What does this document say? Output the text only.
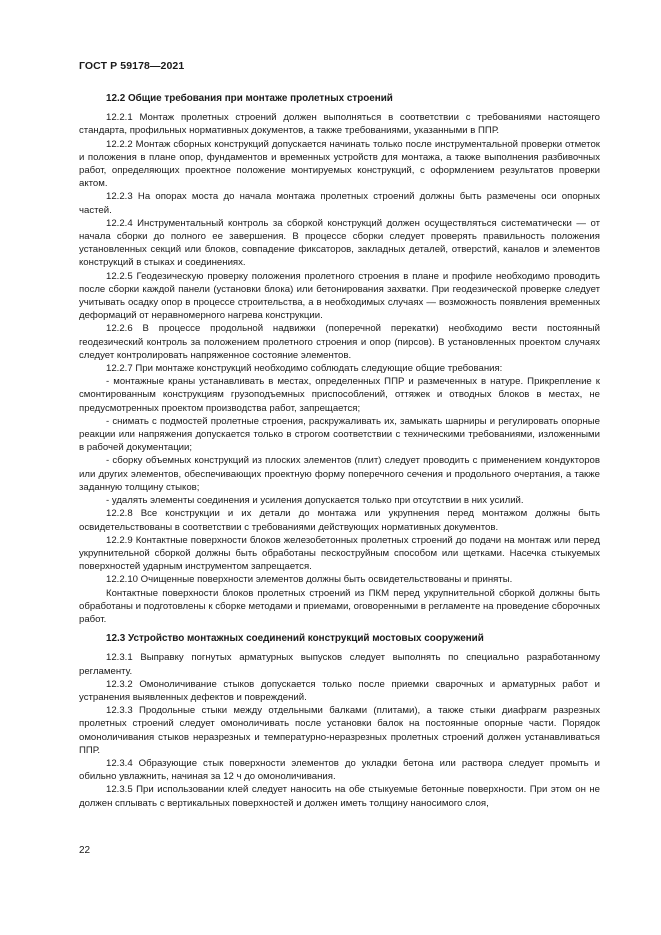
ГОСТ Р 59178—2021
12.2 Общие требования при монтаже пролетных строений

12.2.1 Монтаж пролетных строений должен выполняться в соответствии с требованиями настоящего стандарта, профильных нормативных документов, а также требованиями, указанными в ППР.

12.2.2 Монтаж сборных конструкций допускается начинать только после инструментальной проверки отметок и положения в плане опор, фундаментов и временных устройств для монтажа, а также выполнения разбивочных работ, определяющих проектное положение монтируемых конструкций, с оформлением результатов проверки актом.

12.2.3 На опорах моста до начала монтажа пролетных строений должны быть размечены оси опорных частей.

12.2.4 Инструментальный контроль за сборкой конструкций должен осуществляться систематически — от начала сборки до полного ее завершения. В процессе сборки следует проверять правильность положения установленных секций или блоков, совпадение фиксаторов, закладных деталей, отверстий, каналов и элементов конструкций в стыках и соединениях.

12.2.5 Геодезическую проверку положения пролетного строения в плане и профиле необходимо проводить после сборки каждой панели (установки блока) или бетонирования захватки. При геодезической проверке следует учитывать осадку опор в процессе строительства, а в необходимых случаях — возможность появления временных деформаций от неравномерного нагрева конструкции.

12.2.6 В процессе продольной надвижки (поперечной перекатки) необходимо вести постоянный геодезический контроль за положением пролетного строения и опор (пирсов). В установленных проектом случаях следует контролировать напряженное состояние элементов.

12.2.7 При монтаже конструкций необходимо соблюдать следующие общие требования:

- монтажные краны устанавливать в местах, определенных ППР и размеченных в натуре. Прикрепление к смонтированным конструкциям грузоподъемных приспособлений, оттяжек и отводных блоков в местах, не предусмотренных проектом производства работ, запрещается;

- снимать с подмостей пролетные строения, раскружаливать их, замыкать шарниры и регулировать опорные реакции или напряжения допускается только в строгом соответствии с техническими требованиями, изложенными в рабочей документации;

- сборку объемных конструкций из плоских элементов (плит) следует проводить с применением кондукторов или других элементов, обеспечивающих проектную форму поперечного сечения и продольного очертания, а также заданную толщину стыков;

- удалять элементы соединения и усиления допускается только при отсутствии в них усилий.

12.2.8 Все конструкции и их детали до монтажа или укрупнения перед монтажом должны быть освидетельствованы в соответствии с требованиями действующих нормативных документов.

12.2.9 Контактные поверхности блоков железобетонных пролетных строений до подачи на монтаж или перед укрупнительной сборкой должны быть обработаны пескоструйным способом или щетками. Насечка стыкуемых поверхностей ударным инструментом запрещается.

12.2.10 Очищенные поверхности элементов должны быть освидетельствованы и приняты.

Контактные поверхности блоков пролетных строений из ПКМ перед укрупнительной сборкой должны быть обработаны и подготовлены к сборке методами и приемами, оговоренными в регламенте на проведение сборочных работ.

12.3 Устройство монтажных соединений конструкций мостовых сооружений

12.3.1 Выправку погнутых арматурных выпусков следует выполнять по специально разработанному регламенту.

12.3.2 Омоноличивание стыков допускается только после приемки сварочных и арматурных работ и устранения выявленных дефектов и повреждений.

12.3.3 Продольные стыки между отдельными балками (плитами), а также стыки диафрагм разрезных пролетных строений следует омоноличивать после установки балок на постоянные опорные части. Порядок омоноличивания стыков неразрезных и температурно-неразрезных пролетных строений должен устанавливаться ППР.

12.3.4 Образующие стык поверхности элементов до укладки бетона или раствора следует промыть и обильно увлажнить, начиная за 12 ч до омоноличивания.

12.3.5 При использовании клей следует наносить на обе стыкуемые бетонные поверхности. При этом он не должен сплывать с вертикальных поверхностей и должен иметь толщину наносимого слоя,

22
